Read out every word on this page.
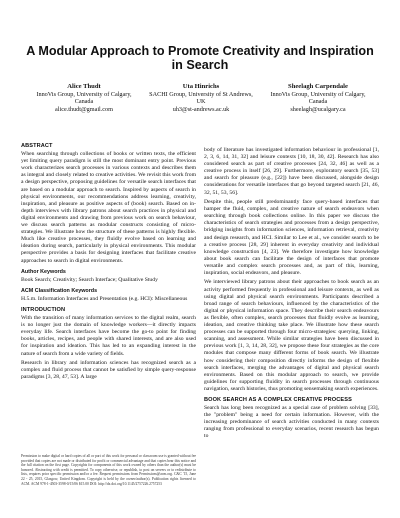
A Modular Approach to Promote Creativity and Inspiration in Search
Alice Thudt
InnoVis Group, University of Calgary, Canada
alice.thudt@gmail.com
Uta Hinrichs
SACHI Group, University of St Andrews, UK
uh3@st-andrews.ac.uk
Sheelagh Carpendale
InnoVis Group, University of Calgary, Canada
sheelagh@ucalgary.ca
ABSTRACT

When searching through collections of books or written texts, the efficient yet limiting query paradigm is still the most dominant entry point. Previous work characterizes search processes in various contexts and describes them as integral and closely related to creative activities. We revisit this work from a design perspective, proposing guidelines for versatile search interfaces that are based on a modular approach to search. Inspired by aspects of search in physical environments, our recommendations address learning, creativity, inspiration, and pleasure as positive aspects of (book) search. Based on in-depth interviews with library patrons about search practices in physical and digital environments and drawing from previous work on search behaviour, we discuss search patterns as modular constructs consisting of micro-strategies. We illustrate how the structure of these patterns is highly flexible. Much like creative processes, they fluidly evolve based on learning and ideation during search, particularly in physical environments. This modular perspective provides a basis for designing interfaces that facilitate creative approaches to search in digital environments.

Author Keywords

Book Search; Creativity; Search Interface; Qualitative Study

ACM Classification Keywords

H.5.m. Information Interfaces and Presentation (e.g. HCI): Miscellaneous

INTRODUCTION

With the transition of many information services to the digital realm, search is no longer just the domain of knowledge workers—it directly impacts everyday life. Search interfaces have become the go-to point for finding books, articles, recipes, and people with shared interests, and are also used for inspiration and ideation. This has led to an expanding interest in the nature of search from a wide variety of fields.

Research in library and information sciences has recognized search as a complex and fluid process that cannot be satisfied by simple query-response paradigms [3, 28, 47, 53]. A large

Permission to make digital or hard copies of all or part of this work for personal or classroom use is granted without fee provided that copies are not made or distributed for profit or commercial advantage and that copies bear this notice and the full citation on the first page. Copyrights for components of this work owned by others than the author(s) must be honored. Abstracting with credit is permitted. To copy otherwise, or republish, to post on servers or to redistribute to lists, requires prior specific permission and/or a fee. Request permissions from Permissions@acm.org. C&C '15, June 22 - 25, 2015, Glasgow, United Kingdom. Copyright is held by the owner/author(s). Publication rights licensed to ACM. ACM 978-1-4503-3598-0/15/06 $15.00 DOI: http://dx.doi.org/10.1145/2757226.2757253

body of literature has investigated information behaviour in professional [1, 2, 3, 6, 14, 31, 32] and leisure contexts [10, 18, 30, 42]. Research has also considered search as part of creative processes [24, 32, 46] as well as a creative process in itself [26, 29]. Furthermore, exploratory search [35, 53] and search for pleasure (e.g., [22]) have been discussed, alongside design considerations for versatile interfaces that go beyond targeted search [21, 46, 32, 51, 53, 56].

Despite this, people still predominantly face query-based interfaces that hamper the fluid, complex, and creative nature of search endeavors when searching through book collections online. In this paper we discuss the characteristics of search strategies and processes from a design perspective, bridging insights from information sciences, information retrieval, creativity and design research, and HCI. Similar to Lee et al., we consider search to be a creative process [28, 29] inherent in everyday creativity and individual knowledge construction [4, 23]. We therefore investigate how knowledge about book search can facilitate the design of interfaces that promote versatile and complex search processes and, as part of this, learning, inspiration, social endeavors, and pleasure.

We interviewed library patrons about their approaches to book search as an activity performed frequently in professional and leisure contexts, as well as using digital and physical search environments. Participants described a broad range of search behaviours, influenced by the characteristics of the digital or physical information space. They describe their search endeavours as flexible, often complex, search processes that fluidly evolve as learning, ideation, and creative thinking take place. We illustrate how these search processes can be supported through four micro-strategies: querying, linking, scanning, and assessment. While similar strategies have been discussed in previous work [1, 3, 14, 28, 32], we propose these four strategies as the core modules that compose many different forms of book search. We illustrate how considering their composition directly informs the design of flexible search interfaces, merging the advantages of digital and physical search environments. Based on this modular approach to search, we provide guidelines for supporting fluidity in search processes through continuous navigation, search histories, thus promoting sensemaking search experiences.

BOOK SEARCH AS A COMPLEX CREATIVE PROCESS

Search has long been recognized as a special case of problem solving [33], the "problem" being a need for certain information. However, with the increasing predominance of search activities conducted in many contexts ranging from professional to everyday scenarios, recent research has begun to
